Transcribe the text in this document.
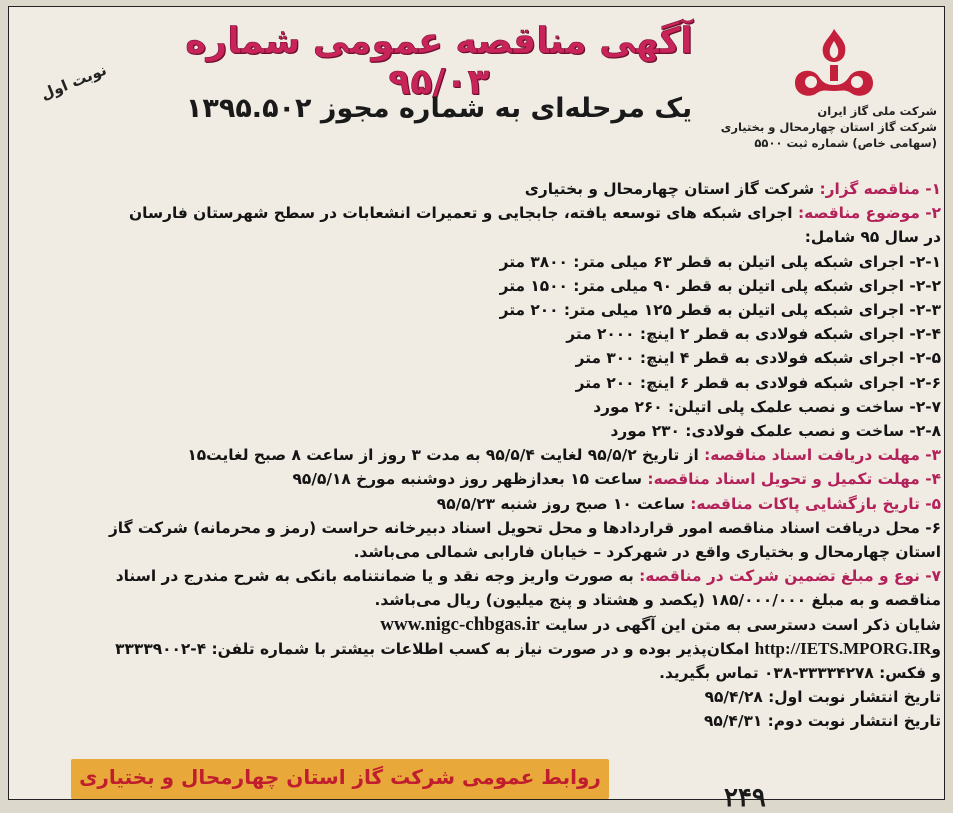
آگهی مناقصه عمومی شماره ۹۵/۰۳
یک مرحله‌ای به شماره مجوز ۱۳۹۵.۵۰۲
نوبت اول
شرکت ملی گاز ایران
شرکت گاز استان چهارمحال و بختیاری
(سهامی خاص) شماره ثبت ۵۵۰۰

۱- مناقصه گزار: شرکت گاز استان چهارمحال و بختیاری

۲- موضوع مناقصه: اجرای شبکه های توسعه یافته، جابجایی و تعمیرات انشعابات در سطح شهرستان فارسان

در سال ۹۵ شامل:

۲-۱- اجرای شبکه پلی اتیلن به قطر ۶۳ میلی متر: ۳۸۰۰ متر

۲-۲- اجرای شبکه پلی اتیلن به قطر ۹۰ میلی متر: ۱۵۰۰ متر

۲-۳- اجرای شبکه پلی اتیلن به قطر ۱۲۵ میلی متر: ۲۰۰ متر

۲-۴- اجرای شبکه فولادی به قطر ۲ اینچ: ۲۰۰۰ متر

۲-۵- اجرای شبکه فولادی به قطر ۴ اینچ: ۳۰۰ متر

۲-۶- اجرای شبکه فولادی به قطر ۶ اینچ: ۲۰۰ متر

۲-۷- ساخت و نصب علمک پلی اتیلن: ۲۶۰ مورد

۲-۸- ساخت و نصب علمک فولادی: ۲۳۰ مورد

۳- مهلت دریافت اسناد مناقصه: از تاریخ ۹۵/۵/۲ لغایت ۹۵/۵/۴ به مدت ۳ روز از ساعت ۸ صبح لغایت۱۵

۴- مهلت تکمیل و تحویل اسناد مناقصه: ساعت ۱۵ بعدازظهر روز دوشنبه مورخ ۹۵/۵/۱۸

۵- تاریخ بازگشایی پاکات مناقصه: ساعت ۱۰ صبح روز شنبه ۹۵/۵/۲۳

۶- محل دریافت اسناد مناقصه امور قراردادها و محل تحویل اسناد دبیرخانه حراست (رمز و محرمانه) شرکت گاز

استان چهارمحال و بختیاری واقع در شهرکرد – خیابان فارابی شمالی می‌باشد.

۷- نوع و مبلغ تضمین شرکت در مناقصه: به صورت واریز وجه نقد و یا ضمانتنامه بانکی به شرح مندرج در اسناد

مناقصه و به مبلغ ۱۸۵/۰۰۰/۰۰۰ (یکصد و هشتاد و پنج میلیون) ریال می‌باشد.

شایان ذکر است دسترسی به متن این آگهی در سایت www.nigc-chbgas.ir

وhttp://IETS.MPORG.IR امکان‌پذیر بوده و در صورت نیاز به کسب اطلاعات بیشتر با شماره تلفن: ۴-۳۳۳۳۹۰۰۲

و فکس: ۳۳۳۳۴۲۷۸-۰۳۸ تماس بگیرید.

تاریخ انتشار نوبت اول: ۹۵/۴/۲۸

تاریخ انتشار نوبت دوم: ۹۵/۴/۳۱

روابط عمومی شرکت گاز استان چهارمحال و بختیاری
۲۴۹
